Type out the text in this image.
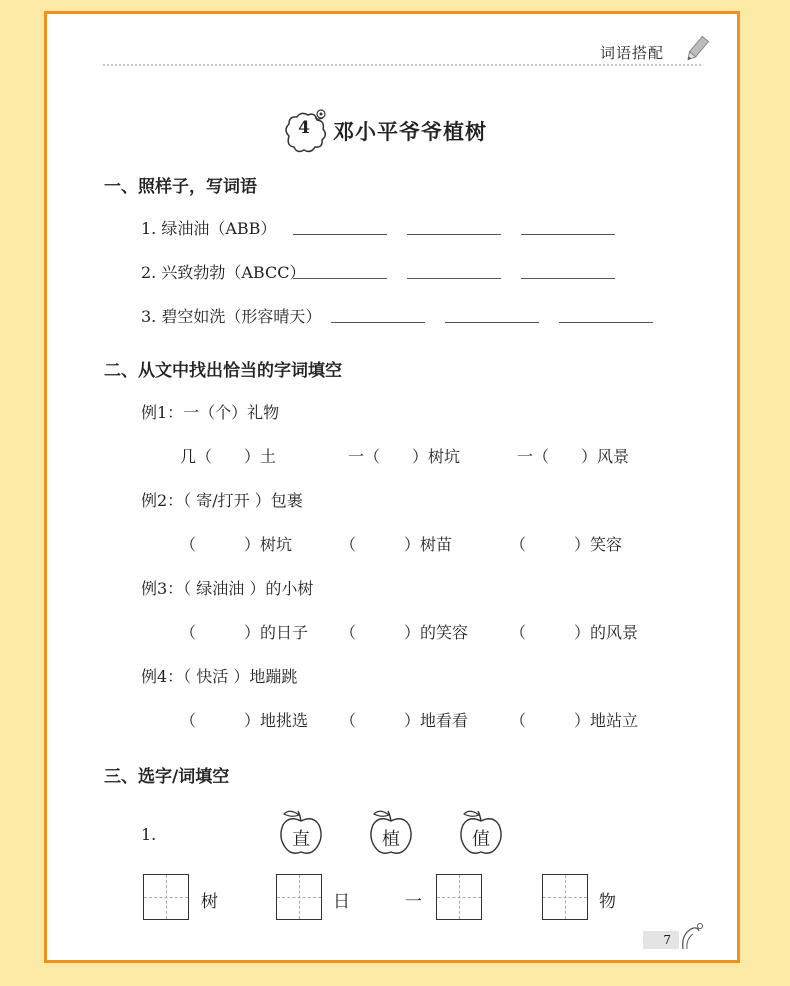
词语搭配
4 邓小平爷爷植树
一、照样子，写词语
1. 绿油油（ABB）
2. 兴致勃勃（ABCC）
3. 碧空如洗（形容晴天）
二、从文中找出恰当的字词填空
例1：一（个）礼物
几（　　）土	一（　　）树坑	一（　　）风景
例2：（ 寄/打开 ）包裹
（　　　）树坑	（　　　）树苗	（　　　）笑容
例3：（ 绿油油 ）的小树
（　　　）的日子 （　　　）的笑容	（　　　）的风景
例4：（ 快活 ）地蹦跳
（　　　）地挑选 （　　　）地看看	（　　　）地站立
三、选字/词填空
1.	直	植	值
树	日	一	物
7
